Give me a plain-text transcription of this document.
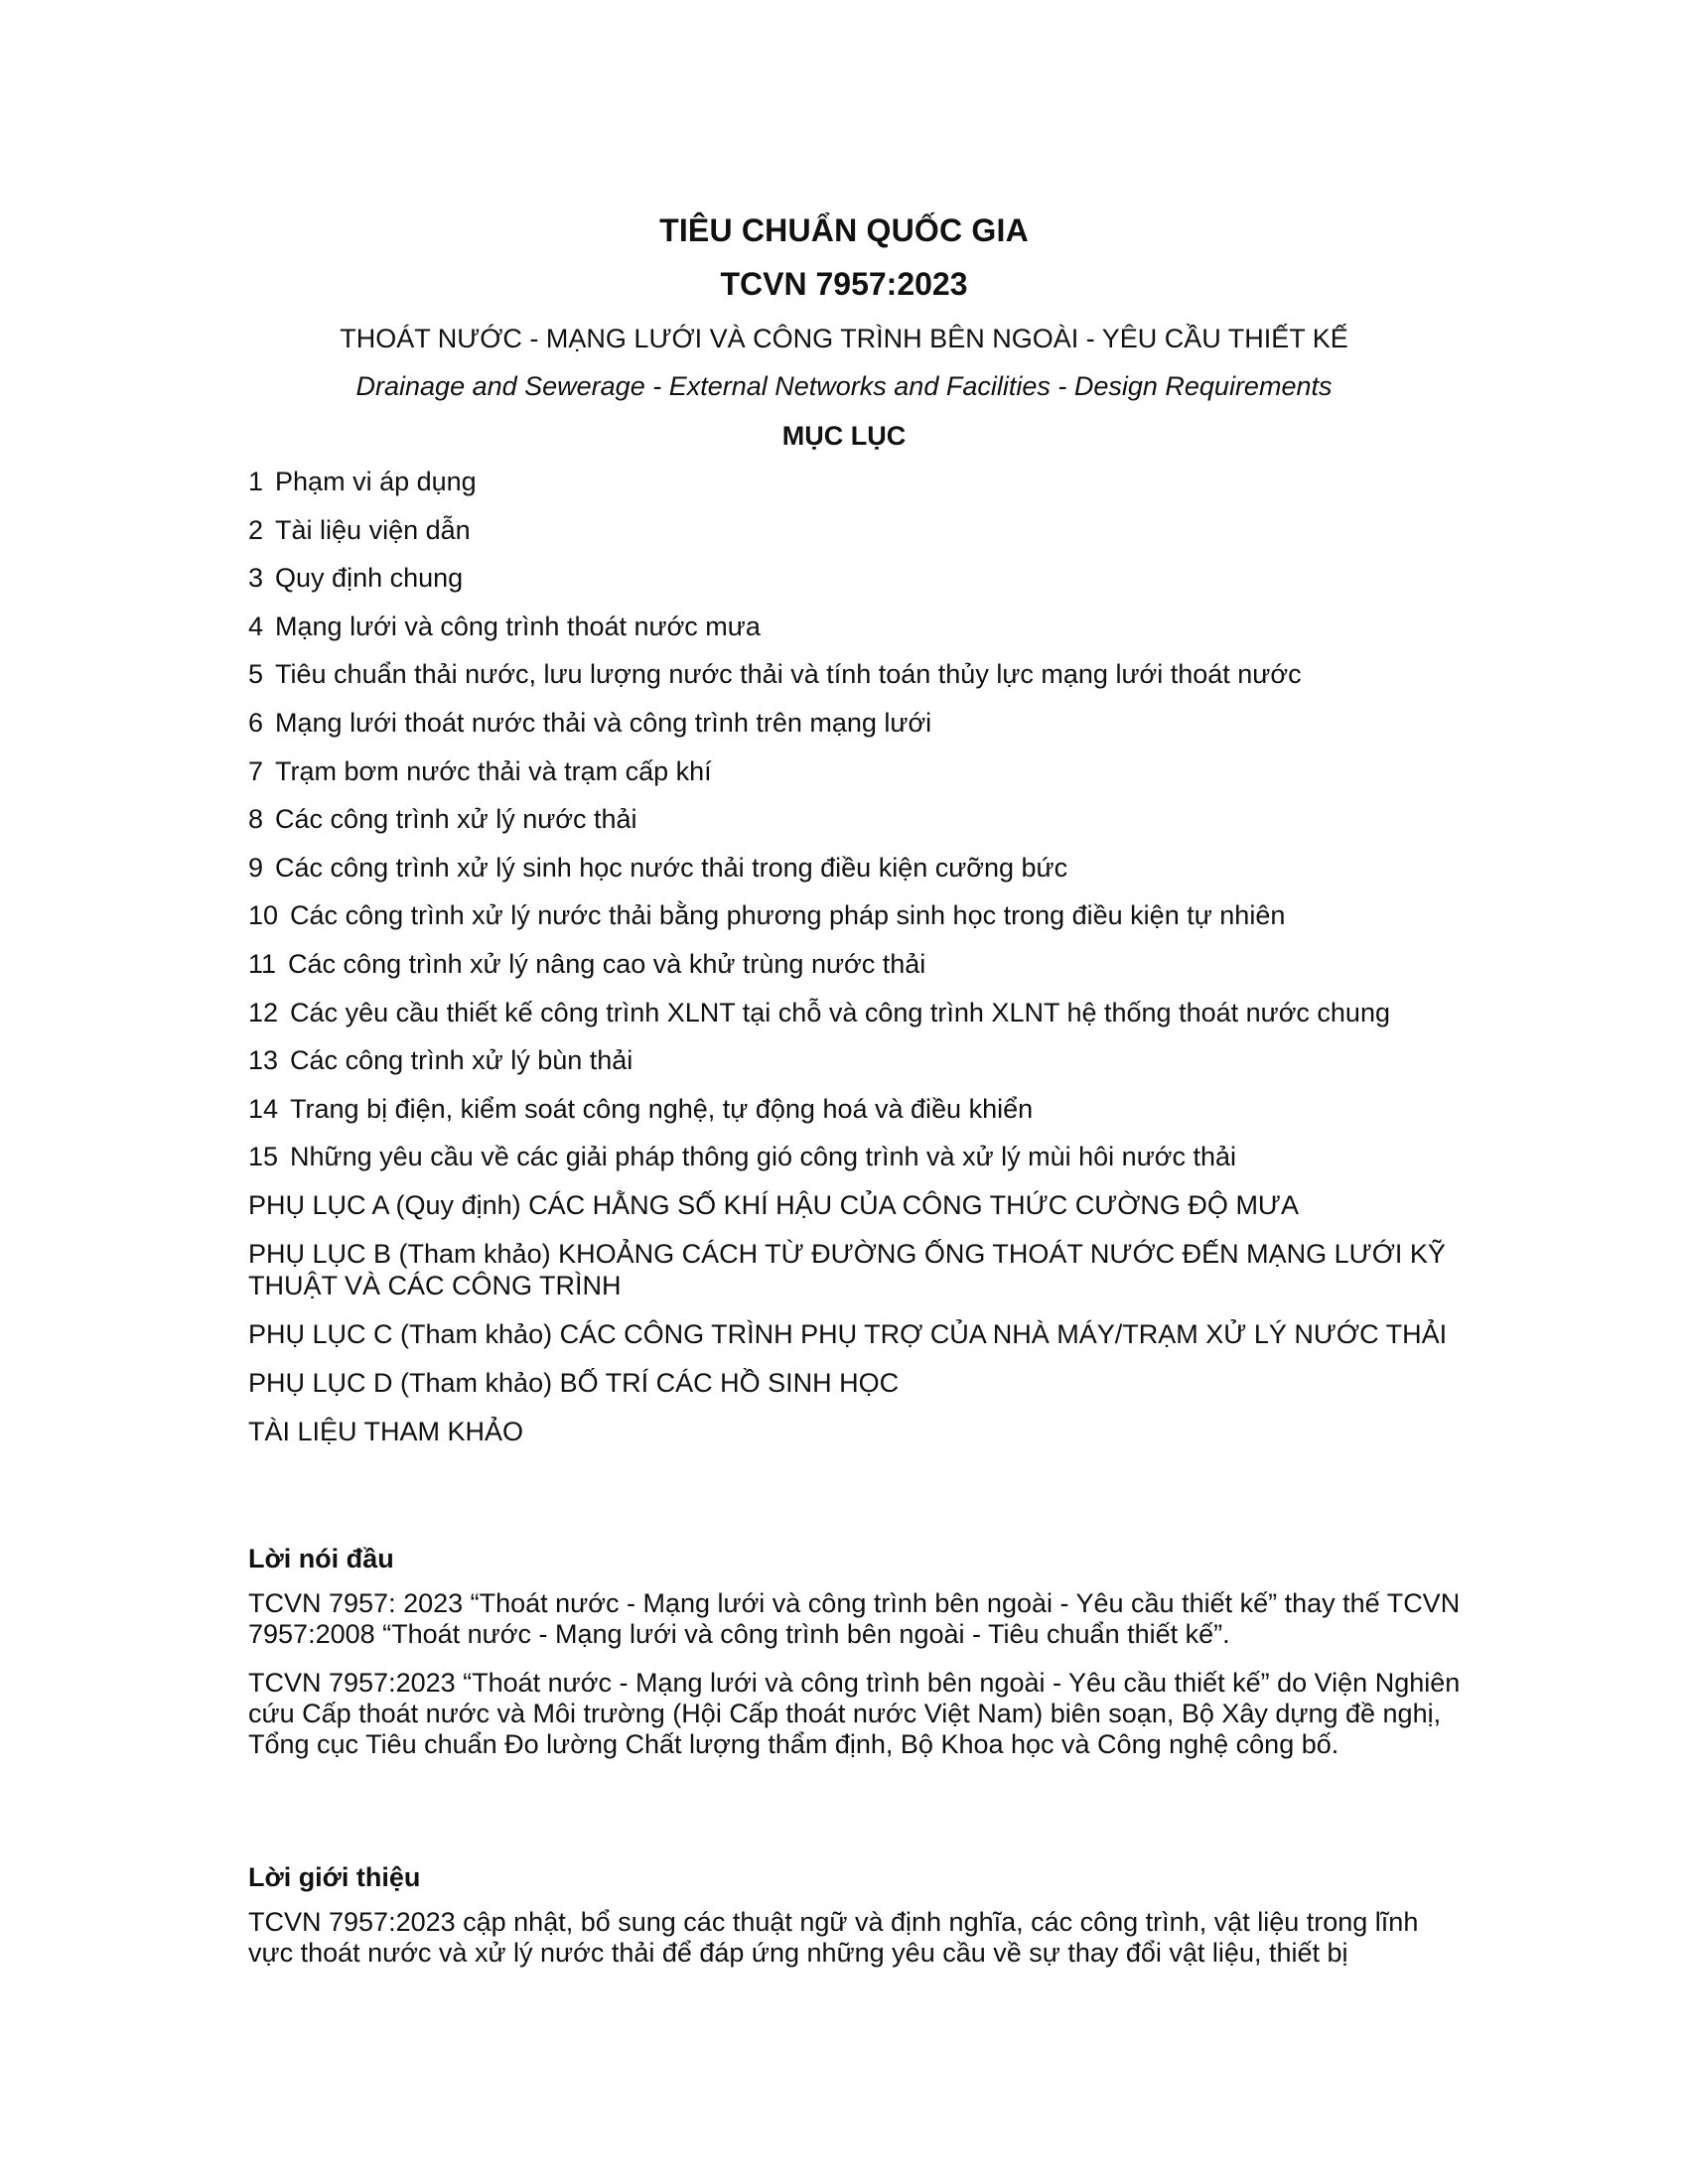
TIÊU CHUẨN QUỐC GIA
TCVN 7957:2023
THOÁT NƯỚC - MẠNG LƯỚI VÀ CÔNG TRÌNH BÊN NGOÀI - YÊU CẦU THIẾT KẾ
Drainage and Sewerage - External Networks and Facilities - Design Requirements
MỤC LỤC
1 Phạm vi áp dụng
2 Tài liệu viện dẫn
3 Quy định chung
4 Mạng lưới và công trình thoát nước mưa
5 Tiêu chuẩn thải nước, lưu lượng nước thải và tính toán thủy lực mạng lưới thoát nước
6 Mạng lưới thoát nước thải và công trình trên mạng lưới
7 Trạm bơm nước thải và trạm cấp khí
8 Các công trình xử lý nước thải
9 Các công trình xử lý sinh học nước thải trong điều kiện cưỡng bức
10 Các công trình xử lý nước thải bằng phương pháp sinh học trong điều kiện tự nhiên
11 Các công trình xử lý nâng cao và khử trùng nước thải
12 Các yêu cầu thiết kế công trình XLNT tại chỗ và công trình XLNT hệ thống thoát nước chung
13 Các công trình xử lý bùn thải
14 Trang bị điện, kiểm soát công nghệ, tự động hoá và điều khiển
15 Những yêu cầu về các giải pháp thông gió công trình và xử lý mùi hôi nước thải
PHỤ LỤC A (Quy định) CÁC HẰNG SỐ KHÍ HẬU CỦA CÔNG THỨC CƯỜNG ĐỘ MƯA
PHỤ LỤC B (Tham khảo) KHOẢNG CÁCH TỪ ĐƯỜNG ỐNG THOÁT NƯỚC ĐẾN MẠNG LƯỚI KỸ THUẬT VÀ CÁC CÔNG TRÌNH
PHỤ LỤC C (Tham khảo) CÁC CÔNG TRÌNH PHỤ TRỢ CỦA NHÀ MÁY/TRẠM XỬ LÝ NƯỚC THẢI
PHỤ LỤC D (Tham khảo) BỐ TRÍ CÁC HỒ SINH HỌC
TÀI LIỆU THAM KHẢO
Lời nói đầu

TCVN 7957: 2023 “Thoát nước - Mạng lưới và công trình bên ngoài - Yêu cầu thiết kế” thay thế TCVN 7957:2008 “Thoát nước - Mạng lưới và công trình bên ngoài - Tiêu chuẩn thiết kế”.

TCVN 7957:2023 “Thoát nước - Mạng lưới và công trình bên ngoài - Yêu cầu thiết kế” do Viện Nghiên cứu Cấp thoát nước và Môi trường (Hội Cấp thoát nước Việt Nam) biên soạn, Bộ Xây dựng đề nghị, Tổng cục Tiêu chuẩn Đo lường Chất lượng thẩm định, Bộ Khoa học và Công nghệ công bố.

Lời giới thiệu

TCVN 7957:2023 cập nhật, bổ sung các thuật ngữ và định nghĩa, các công trình, vật liệu trong lĩnh vực thoát nước và xử lý nước thải để đáp ứng những yêu cầu về sự thay đổi vật liệu, thiết bị
